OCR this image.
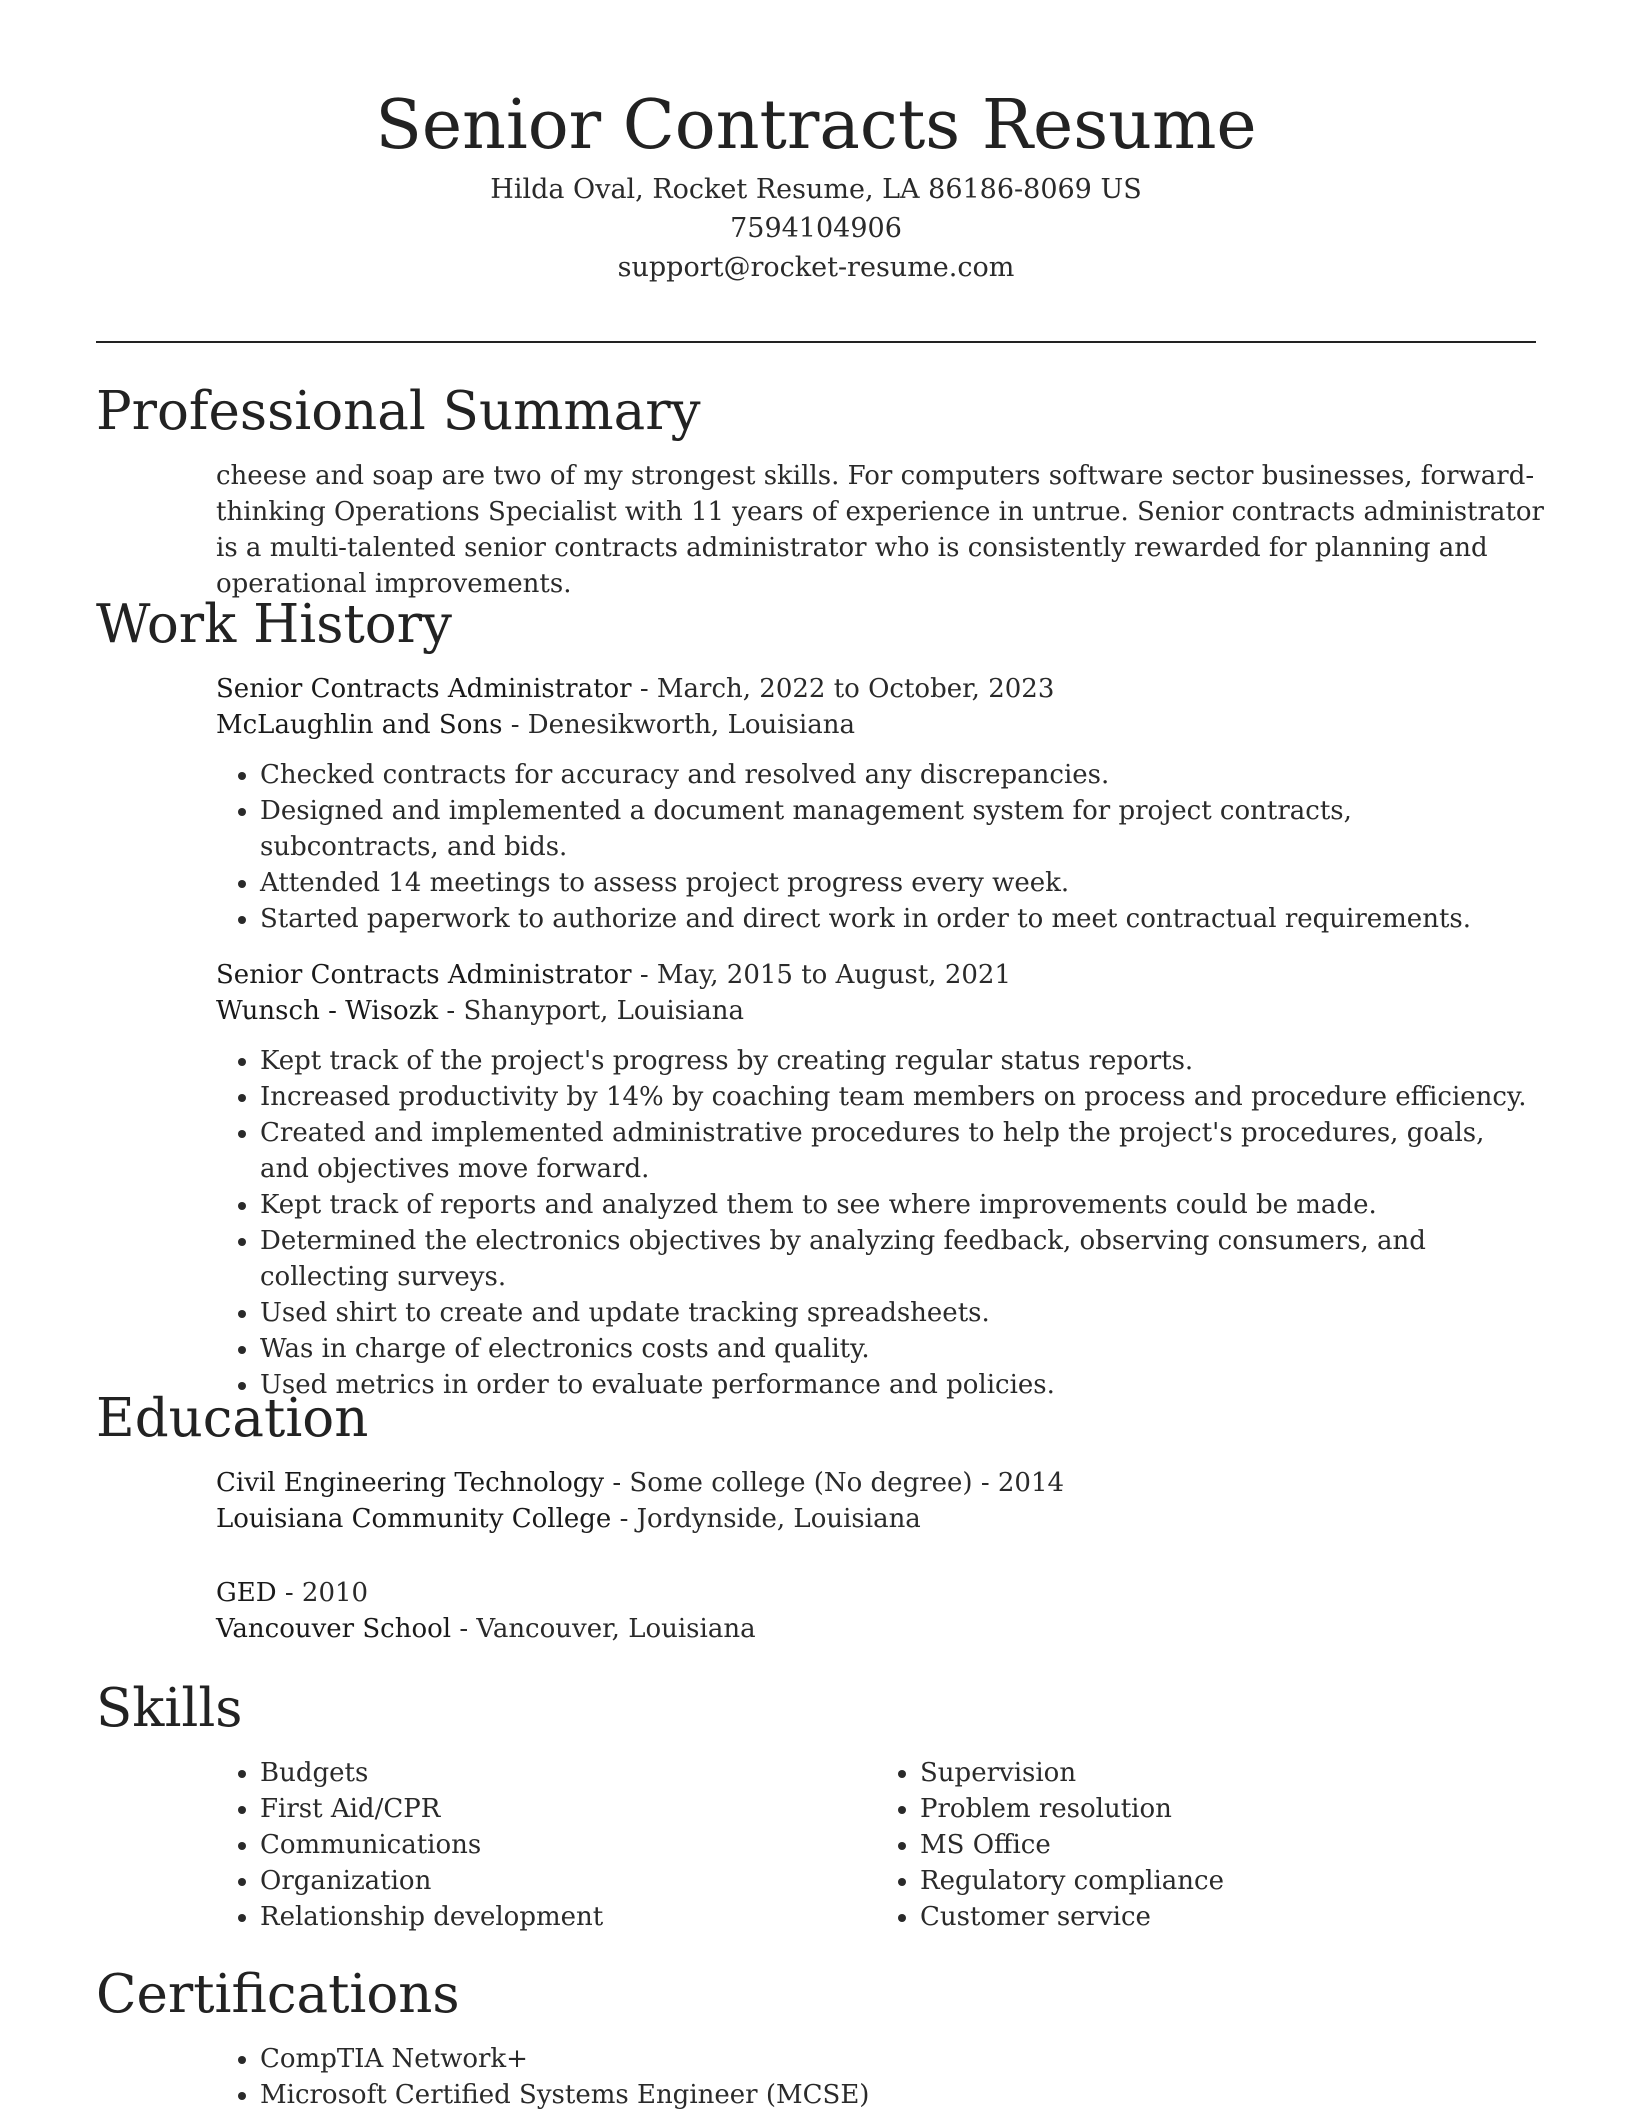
Senior Contracts Resume
Hilda Oval, Rocket Resume, LA 86186-8069 US
7594104906
support@rocket-resume.com
Professional Summary

cheese and soap are two of my strongest skills. For computers software sector businesses, forward-thinking Operations Specialist with 11 years of experience in untrue. Senior contracts administrator is a multi-talented senior contracts administrator who is consistently rewarded for planning and operational improvements.

Work History

Senior Contracts Administrator - March, 2022 to October, 2023
McLaughlin and Sons - Denesikworth, Louisiana

• Checked contracts for accuracy and resolved any discrepancies.
• Designed and implemented a document management system for project contracts, subcontracts, and bids.
• Attended 14 meetings to assess project progress every week.
• Started paperwork to authorize and direct work in order to meet contractual requirements.

Senior Contracts Administrator - May, 2015 to August, 2021
Wunsch - Wisozk - Shanyport, Louisiana

• Kept track of the project's progress by creating regular status reports.
• Increased productivity by 14% by coaching team members on process and procedure efficiency.
• Created and implemented administrative procedures to help the project's procedures, goals, and objectives move forward.
• Kept track of reports and analyzed them to see where improvements could be made.
• Determined the electronics objectives by analyzing feedback, observing consumers, and collecting surveys.
• Used shirt to create and update tracking spreadsheets.
• Was in charge of electronics costs and quality.
• Used metrics in order to evaluate performance and policies.
Education

Civil Engineering Technology - Some college (No degree) - 2014
Louisiana Community College - Jordynside, Louisiana

GED - 2010
Vancouver School - Vancouver, Louisiana

Skills
• Budgets
• First Aid/CPR
• Communications
• Organization
• Relationship development
• Supervision
• Problem resolution
• MS Office
• Regulatory compliance
• Customer service
Certifications
• CompTIA Network+
• Microsoft Certified Systems Engineer (MCSE)
